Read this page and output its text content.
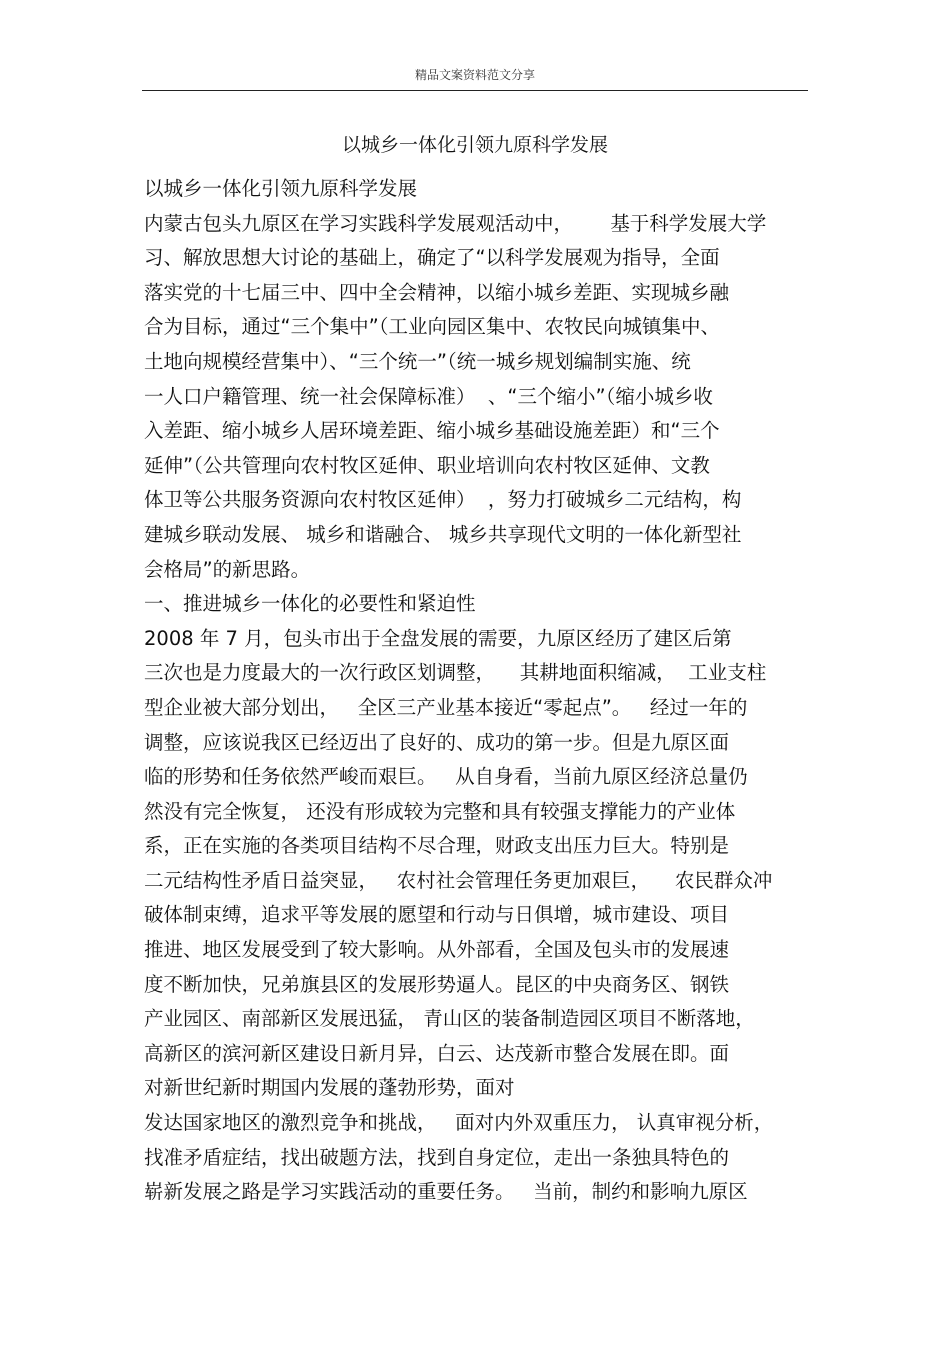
精品文案资料范文分享
以城乡一体化引领九原科学发展
以城乡一体化引领九原科学发展
内蒙古包头九原区在学习实践科学发展观活动中，      基于科学发展大学
习、解放思想大讨论的基础上，确定了“以科学发展观为指导，全面
落实党的十七届三中、四中全会精神，以缩小城乡差距、实现城乡融
合为目标，通过“三个集中”（工业向园区集中、农牧民向城镇集中、
土地向规模经营集中）、“三个统一”（统一城乡规划编制实施、统
一人口户籍管理、统一社会保障标准）  、“三个缩小”（缩小城乡收
入差距、缩小城乡人居环境差距、缩小城乡基础设施差距）和“三个
延伸”（公共管理向农村牧区延伸、职业培训向农村牧区延伸、文教
体卫等公共服务资源向农村牧区延伸）  ，努力打破城乡二元结构，构
建城乡联动发展、 城乡和谐融合、 城乡共享现代文明的一体化新型社
会格局”的新思路。
一、推进城乡一体化的必要性和紧迫性
2008 年 7 月，包头市出于全盘发展的需要，九原区经历了建区后第
三次也是力度最大的一次行政区划调整，    其耕地面积缩减，  工业支柱
型企业被大部分划出，   全区三产业基本接近“零起点”。   经过一年的
调整，应该说我区已经迈出了良好的、成功的第一步。但是九原区面
临的形势和任务依然严峻而艰巨。   从自身看，当前九原区经济总量仍
然没有完全恢复， 还没有形成较为完整和具有较强支撑能力的产业体
系，正在实施的各类项目结构不尽合理，财政支出压力巨大。特别是
二元结构性矛盾日益突显，   农村社会管理任务更加艰巨，    农民群众冲
破体制束缚，追求平等发展的愿望和行动与日俱增，城市建设、项目
推进、地区发展受到了较大影响。从外部看，全国及包头市的发展速
度不断加快，兄弟旗县区的发展形势逼人。昆区的中央商务区、钢铁
产业园区、南部新区发展迅猛， 青山区的装备制造园区项目不断落地，
高新区的滨河新区建设日新月异，白云、达茂新市整合发展在即。面
对新世纪新时期国内发展的蓬勃形势，面对
发达国家地区的激烈竞争和挑战，   面对内外双重压力， 认真审视分析，
找准矛盾症结，找出破题方法，找到自身定位，走出一条独具特色的
崭新发展之路是学习实践活动的重要任务。   当前，制约和影响九原区
